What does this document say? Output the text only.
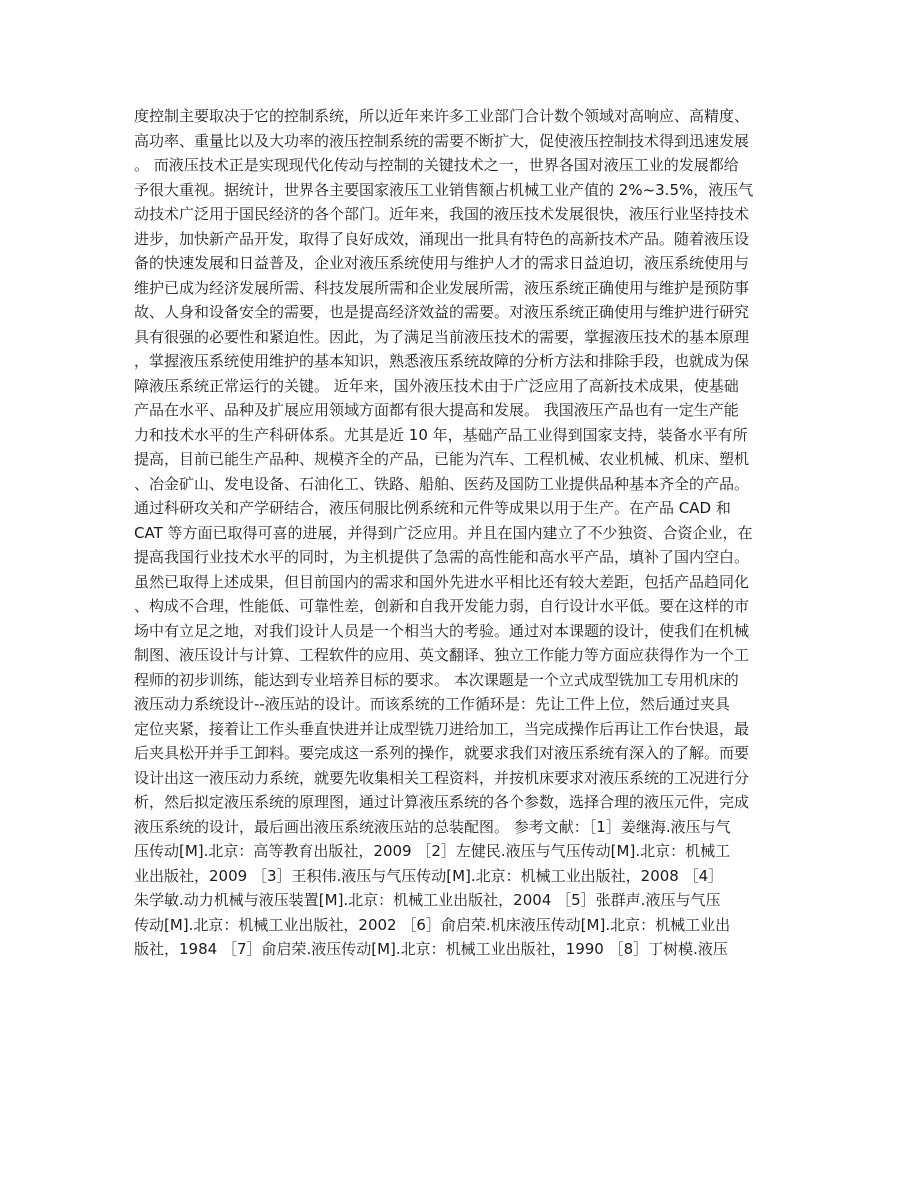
度控制主要取决于它的控制系统，所以近年来许多工业部门合计数个领域对高响应、高精度、
高功率、重量比以及大功率的液压控制系统的需要不断扩大，促使液压控制技术得到迅速发展
。 而液压技术正是实现现代化传动与控制的关键技术之一，世界各国对液压工业的发展都给
予很大重视。据统计，世界各主要国家液压工业销售额占机械工业产值的 2%~3.5%，液压气
动技术广泛用于国民经济的各个部门。近年来，我国的液压技术发展很快，液压行业坚持技术
进步，加快新产品开发，取得了良好成效，涌现出一批具有特色的高新技术产品。随着液压设
备的快速发展和日益普及，企业对液压系统使用与维护人才的需求日益迫切，液压系统使用与
维护已成为经济发展所需、科技发展所需和企业发展所需，液压系统正确使用与维护是预防事
故、人身和设备安全的需要，也是提高经济效益的需要。对液压系统正确使用与维护进行研究
具有很强的必要性和紧迫性。因此，为了满足当前液压技术的需要，掌握液压技术的基本原理
，掌握液压系统使用维护的基本知识，熟悉液压系统故障的分析方法和排除手段，也就成为保
障液压系统正常运行的关键。 近年来，国外液压技术由于广泛应用了高新技术成果，使基础
产品在水平、品种及扩展应用领域方面都有很大提高和发展。 我国液压产品也有一定生产能
力和技术水平的生产科研体系。尤其是近 10 年，基础产品工业得到国家支持，装备水平有所
提高，目前已能生产品种、规模齐全的产品，已能为汽车、工程机械、农业机械、机床、塑机
、冶金矿山、发电设备、石油化工、铁路、船舶、医药及国防工业提供品种基本齐全的产品。
通过科研攻关和产学研结合，液压伺服比例系统和元件等成果以用于生产。在产品 CAD 和
CAT 等方面已取得可喜的进展，并得到广泛应用。并且在国内建立了不少独资、合资企业，在
提高我国行业技术水平的同时，为主机提供了急需的高性能和高水平产品，填补了国内空白。
虽然已取得上述成果，但目前国内的需求和国外先进水平相比还有较大差距，包括产品趋同化
、构成不合理，性能低、可靠性差，创新和自我开发能力弱，自行设计水平低。要在这样的市
场中有立足之地，对我们设计人员是一个相当大的考验。通过对本课题的设计，使我们在机械
制图、液压设计与计算、工程软件的应用、英文翻译、独立工作能力等方面应获得作为一个工
程师的初步训练，能达到专业培养目标的要求。 本次课题是一个立式成型铣加工专用机床的
液压动力系统设计--液压站的设计。而该系统的工作循环是：先让工件上位，然后通过夹具
定位夹紧，接着让工作头垂直快进并让成型铣刀进给加工，当完成操作后再让工作台快退，最
后夹具松开并手工卸料。要完成这一系列的操作，就要求我们对液压系统有深入的了解。而要
设计出这一液压动力系统，就要先收集相关工程资料，并按机床要求对液压系统的工况进行分
析，然后拟定液压系统的原理图，通过计算液压系统的各个参数，选择合理的液压元件，完成
液压系统的设计，最后画出液压系统液压站的总装配图。 参考文献：［1］姜继海.液压与气
压传动[M].北京：高等教育出版社，2009 ［2］左健民.液压与气压传动[M].北京：机械工
业出版社，2009 ［3］王积伟.液压与气压传动[M].北京：机械工业出版社，2008 ［4］
朱学敏.动力机械与液压装置[M].北京：机械工业出版社，2004 ［5］张群声.液压与气压
传动[M].北京：机械工业出版社，2002 ［6］俞启荣.机床液压传动[M].北京：机械工业出
版社，1984 ［7］俞启荣.液压传动[M].北京：机械工业出版社，1990 ［8］丁树模.液压
